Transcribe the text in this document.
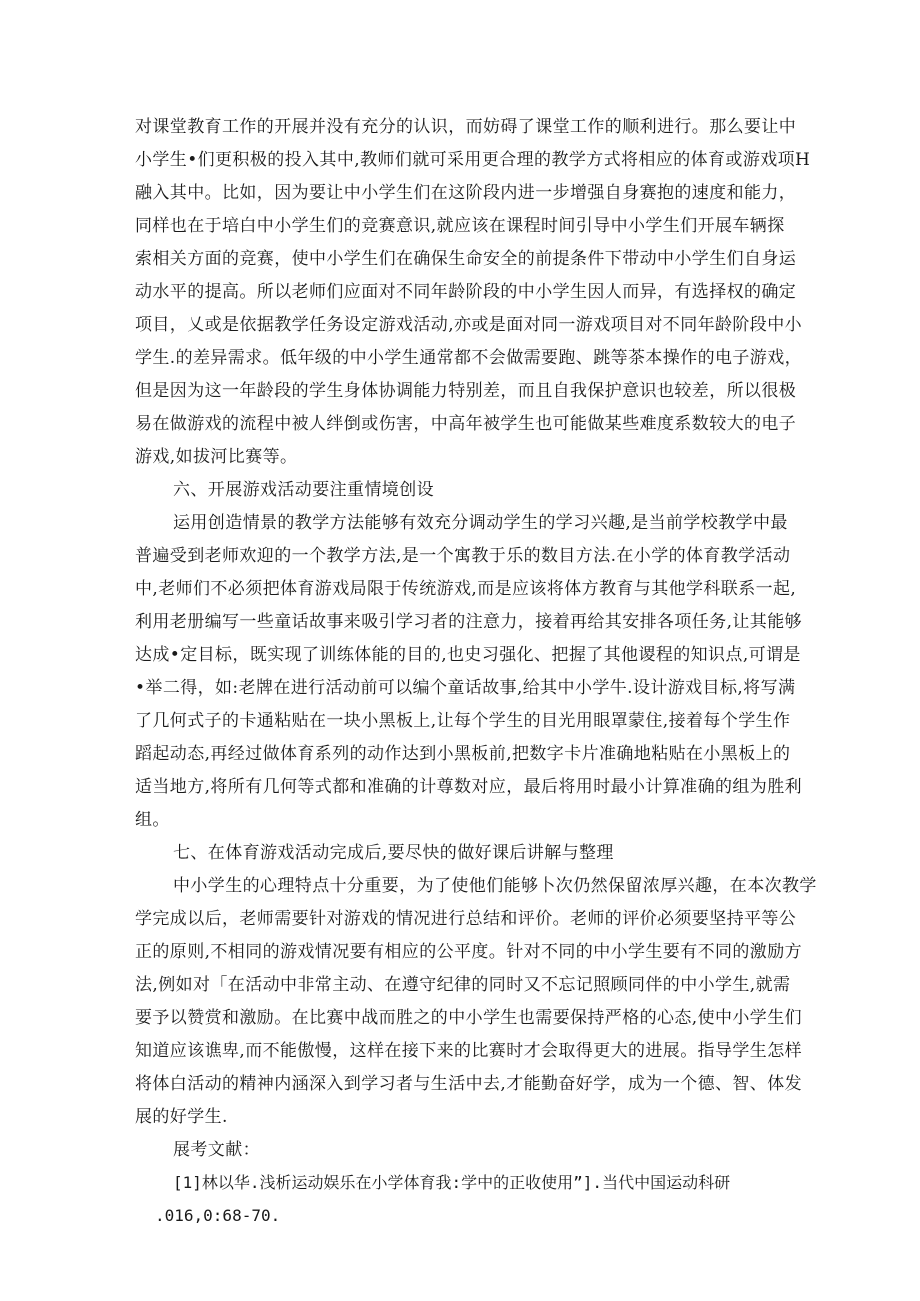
对课堂教育工作的开展并没有充分的认识，而妨碍了课堂工作的顺利进行。那么要让中
小学生•们更积极的投入其中,教师们就可采用更合理的教学方式将相应的体育或游戏项H
融入其中。比如，因为要让中小学生们在这阶段内进一步增强自身赛抱的速度和能力，
同样也在于培白中小学生们的竞赛意识,就应该在课程时间引导中小学生们开展车辆探
索相关方面的竞赛，使中小学生们在确保生命安全的前提条件下带动中小学生们自身运
动水平的提高。所以老师们应面对不同年龄阶段的中小学生因人而异，有选择权的确定
项目，乂或是依据教学任务设定游戏活动,亦或是面对同一游戏项目对不同年龄阶段中小
学生.的差异需求。低年级的中小学生通常都不会做需要跑、跳等茶本操作的电子游戏，
但是因为这一年龄段的学生身体协调能力特别差，而且自我保护意识也较差，所以很极
易在做游戏的流程中被人绊倒或伤害，中高年被学生也可能做某些难度系数较大的电子
游戏,如拔河比赛等。
六、开展游戏活动要注重情境创设
运用创造情景的教学方法能够有效充分调动学生的学习兴趣,是当前学校教学中最
普遍受到老师欢迎的一个教学方法,是一个寓教于乐的数目方法.在小学的体育教学活动
中,老师们不必须把体育游戏局限于传统游戏,而是应该将体方教育与其他学科联系一起,
利用老册编写一些童话故事来吸引学习者的注意力，接着再给其安排各项任务,让其能够
达成•定目标，既实现了训练体能的目的,也史习强化、把握了其他谡程的知识点,可谓是
•举二得，如:老牌在进行活动前可以编个童话故事,给其中小学牛.设计游戏目标,将写满
了几何式子的卡通粘贴在一块小黑板上,让每个学生的目光用眼罩蒙住,接着每个学生作
蹈起动态,再经过做体育系列的动作达到小黑板前,把数字卡片准确地粘贴在小黑板上的
适当地方,将所有几何等式都和准确的计尊数对应，最后将用时最小计算准确的组为胜利
组。
七、在体育游戏活动完成后,要尽快的做好课后讲解与整理
中小学生的心理特点十分重要，为了使他们能够卜次仍然保留浓厚兴趣，在本次教学
学完成以后，老师需要针对游戏的情况进行总结和评价。老师的评价必须要坚持平等公
正的原则,不相同的游戏情况要有相应的公平度。针对不同的中小学生要有不同的激励方
法,例如对「在活动中非常主动、在遵守纪律的同时又不忘记照顾同伴的中小学生,就需
要予以赞赏和激励。在比赛中战而胜之的中小学生也需要保持严格的心态,使中小学生们
知道应该谯卑,而不能傲慢，这样在接下来的比赛时才会取得更大的进展。指导学生怎样
将体白活动的精神内涵深入到学习者与生活中去,才能勤奋好学，成为一个德、智、体发
展的好学生.
展考文献：
[1]林以华.浅析运动娱乐在小学体育我:学中的正收使用”].当代中国运动科研
.016,0:68-70.
